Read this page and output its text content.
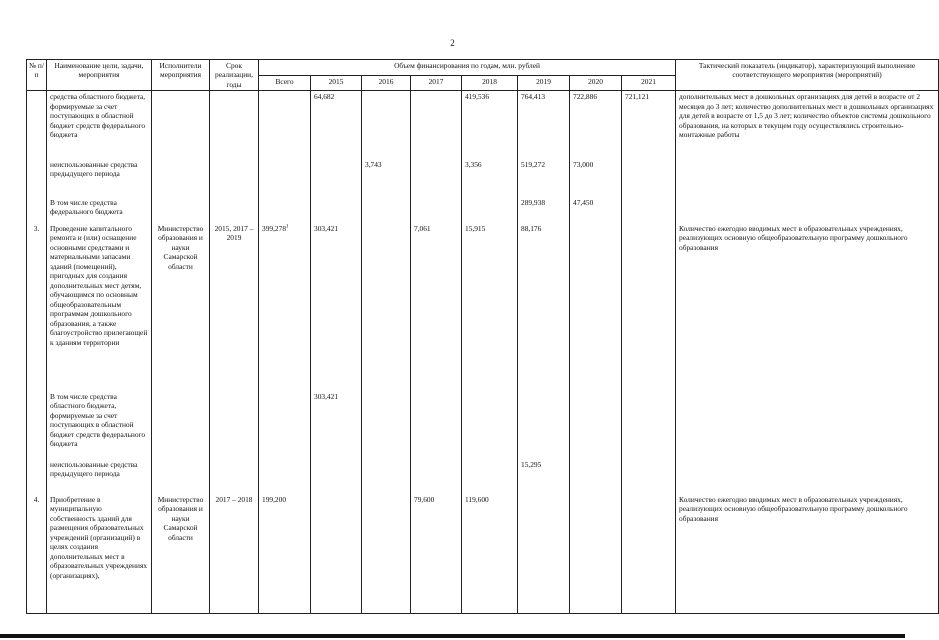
2
№ п/п	Наименование цели, задачи, мероприятия	Исполнители мероприятия	Срок реализации, годы	Объем финансирования по годам, млн. рублей								Тактический показатель (индикатор), характеризующий выполнение соответствующего мероприятия (мероприятий)
				Всего	2015	2016	2017	2018	2019	2020	2021	
	средства областного бюджета, формируемые за счет поступающих в областной бюджет средств федерального бюджета				64,682			419,536	764,413	722,886	721,121	дополнительных мест в дошкольных организациях для детей в возрасте от 2 месяцев до 3 лет; количество дополнительных мест в дошкольных организациях для детей в возрасте от 1,5 до 3 лет; количество объектов системы дошкольного образования, на которых в текущем году осуществлялись строительно-монтажные работы
	неиспользованные средства предыдущего периода					3,743		3,356	519,272	73,000		
	В том числе средства федерального бюджета								289,938	47,450		
3.	Проведение капитального ремонта и (или) оснащение основными средствами и материальными запасами зданий (помещений), пригодных для создания дополнительных мест детям, обучающимся по основным общеобразовательным программам дошкольного образования, а также благоустройство прилегающей к зданиям территории	Министерство образования и науки Самарской области	2015, 2017 – 2019	399,278$^1$	303,421		7,061	15,915	88,176			Количество ежегодно вводимых мест в образовательных учреждениях, реализующих основную общеобразовательную программу дошкольного образования
	В том числе средства областного бюджета, формируемые за счет поступающих в областной бюджет средств федерального бюджета				303,421							
	неиспользованные средства предыдущего периода								15,295			
4.	Приобретение в муниципальную собственность зданий для размещения образовательных учреждений (организаций) в целях создания дополнительных мест в образовательных учреждениях (организациях),	Министерство образования и науки Самарской области	2017 – 2018	199,200			79,600	119,600				Количество ежегодно вводимых мест в образовательных учреждениях, реализующих основную общеобразовательную программу дошкольного образования
